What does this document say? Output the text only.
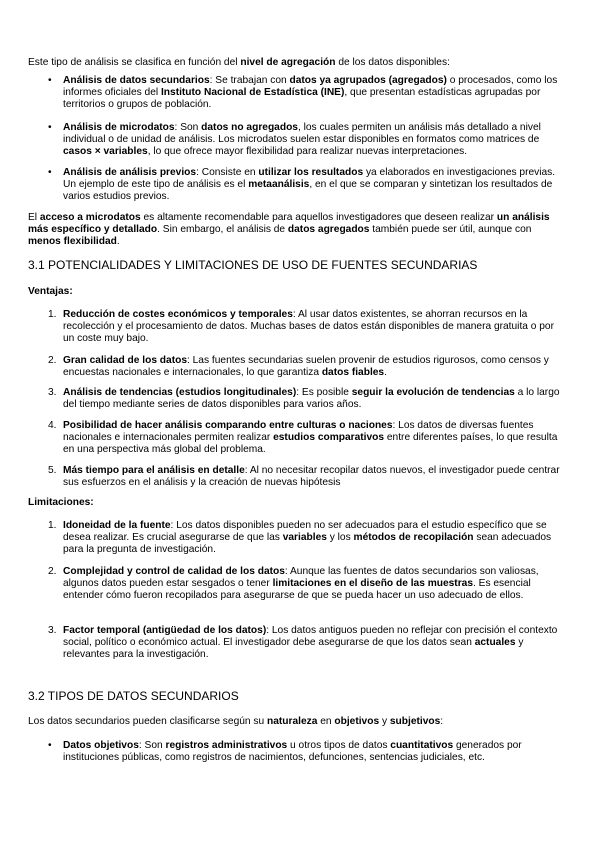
Este tipo de análisis se clasifica en función del nivel de agregación de los datos disponibles:

• Análisis de datos secundarios: Se trabajan con datos ya agrupados (agregados) o procesados, como los informes oficiales del Instituto Nacional de Estadística (INE), que presentan estadísticas agrupadas por territorios o grupos de población.

• Análisis de microdatos: Son datos no agregados, los cuales permiten un análisis más detallado a nivel individual o de unidad de análisis. Los microdatos suelen estar disponibles en formatos como matrices de casos × variables, lo que ofrece mayor flexibilidad para realizar nuevas interpretaciones.

• Análisis de análisis previos: Consiste en utilizar los resultados ya elaborados en investigaciones previas. Un ejemplo de este tipo de análisis es el metaanálisis, en el que se comparan y sintetizan los resultados de varios estudios previos.

El acceso a microdatos es altamente recomendable para aquellos investigadores que deseen realizar un análisis más específico y detallado. Sin embargo, el análisis de datos agregados también puede ser útil, aunque con menos flexibilidad.

3.1 POTENCIALIDADES Y LIMITACIONES DE USO DE FUENTES SECUNDARIAS

Ventajas:

1. Reducción de costes económicos y temporales: Al usar datos existentes, se ahorran recursos en la recolección y el procesamiento de datos. Muchas bases de datos están disponibles de manera gratuita o por un coste muy bajo.

2. Gran calidad de los datos: Las fuentes secundarias suelen provenir de estudios rigurosos, como censos y encuestas nacionales e internacionales, lo que garantiza datos fiables.

3. Análisis de tendencias (estudios longitudinales): Es posible seguir la evolución de tendencias a lo largo del tiempo mediante series de datos disponibles para varios años.

4. Posibilidad de hacer análisis comparando entre culturas o naciones: Los datos de diversas fuentes nacionales e internacionales permiten realizar estudios comparativos entre diferentes países, lo que resulta en una perspectiva más global del problema.

5. Más tiempo para el análisis en detalle: Al no necesitar recopilar datos nuevos, el investigador puede centrar sus esfuerzos en el análisis y la creación de nuevas hipótesis

Limitaciones:

1. Idoneidad de la fuente: Los datos disponibles pueden no ser adecuados para el estudio específico que se desea realizar. Es crucial asegurarse de que las variables y los métodos de recopilación sean adecuados para la pregunta de investigación.

2. Complejidad y control de calidad de los datos: Aunque las fuentes de datos secundarios son valiosas, algunos datos pueden estar sesgados o tener limitaciones en el diseño de las muestras. Es esencial entender cómo fueron recopilados para asegurarse de que se pueda hacer un uso adecuado de ellos.

3. Factor temporal (antigüedad de los datos): Los datos antiguos pueden no reflejar con precisión el contexto social, político o económico actual. El investigador debe asegurarse de que los datos sean actuales y relevantes para la investigación.

3.2 TIPOS DE DATOS SECUNDARIOS

Los datos secundarios pueden clasificarse según su naturaleza en objetivos y subjetivos:

• Datos objetivos: Son registros administrativos u otros tipos de datos cuantitativos generados por instituciones públicas, como registros de nacimientos, defunciones, sentencias judiciales, etc.
